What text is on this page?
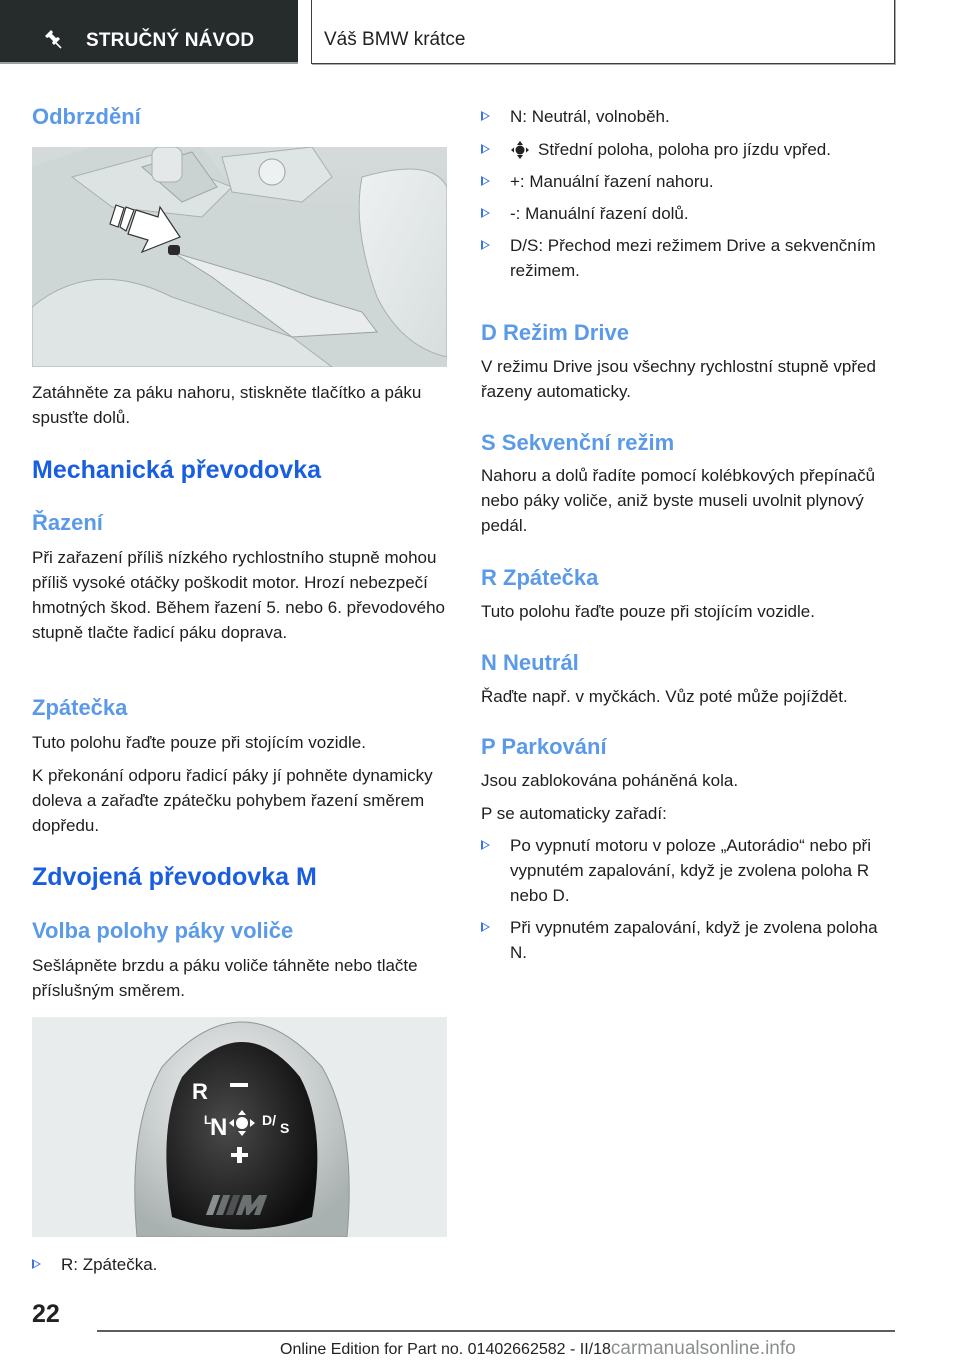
STRUČNÝ NÁVOD	Váš BMW krátce
Odbrzdění

Zatáhněte za páku nahoru, stiskněte tlačítko a páku spusťte dolů.

Mechanická převodovka
Řazení

Při zařazení příliš nízkého rychlostního stupně mohou příliš vysoké otáčky poškodit motor. Hrozí nebezpečí hmotných škod. Během řazení 5. nebo 6. převodového stupně tlačte řadicí páku doprava.

Zpátečka

Tuto polohu řaďte pouze při stojícím vozidle.

K překonání odporu řadicí páky jí pohněte dynamicky doleva a zařaďte zpátečku pohybem řazení směrem dopředu.

Zdvojená převodovka M
Volba polohy páky voliče

Sešlápněte brzdu a páku voliče táhněte nebo tlačte příslušným směrem.

R
L
N D/ S
R: Zpátečka.
N: Neutrál, volnoběh.
Střední poloha, poloha pro jízdu vpřed.
+: Manuální řazení nahoru.
-: Manuální řazení dolů.
D/S: Přechod mezi režimem Drive a sekvenčním režimem.
D Režim Drive

V režimu Drive jsou všechny rychlostní stupně vpřed řazeny automaticky.

S Sekvenční režim

Nahoru a dolů řadíte pomocí kolébkových přepínačů nebo páky voliče, aniž byste museli uvolnit plynový pedál.

R Zpátečka

Tuto polohu řaďte pouze při stojícím vozidle.

N Neutrál

Řaďte např. v myčkách. Vůz poté může pojíždět.

P Parkování

Jsou zablokována poháněná kola.

P se automaticky zařadí:

Po vypnutí motoru v poloze „Autorádio“ nebo při vypnutém zapalování, když je zvolena poloha R nebo D.
Při vypnutém zapalování, když je zvolena poloha N.
22
Online Edition for Part no. 01402662582 - II/18carmanualsonline.info
